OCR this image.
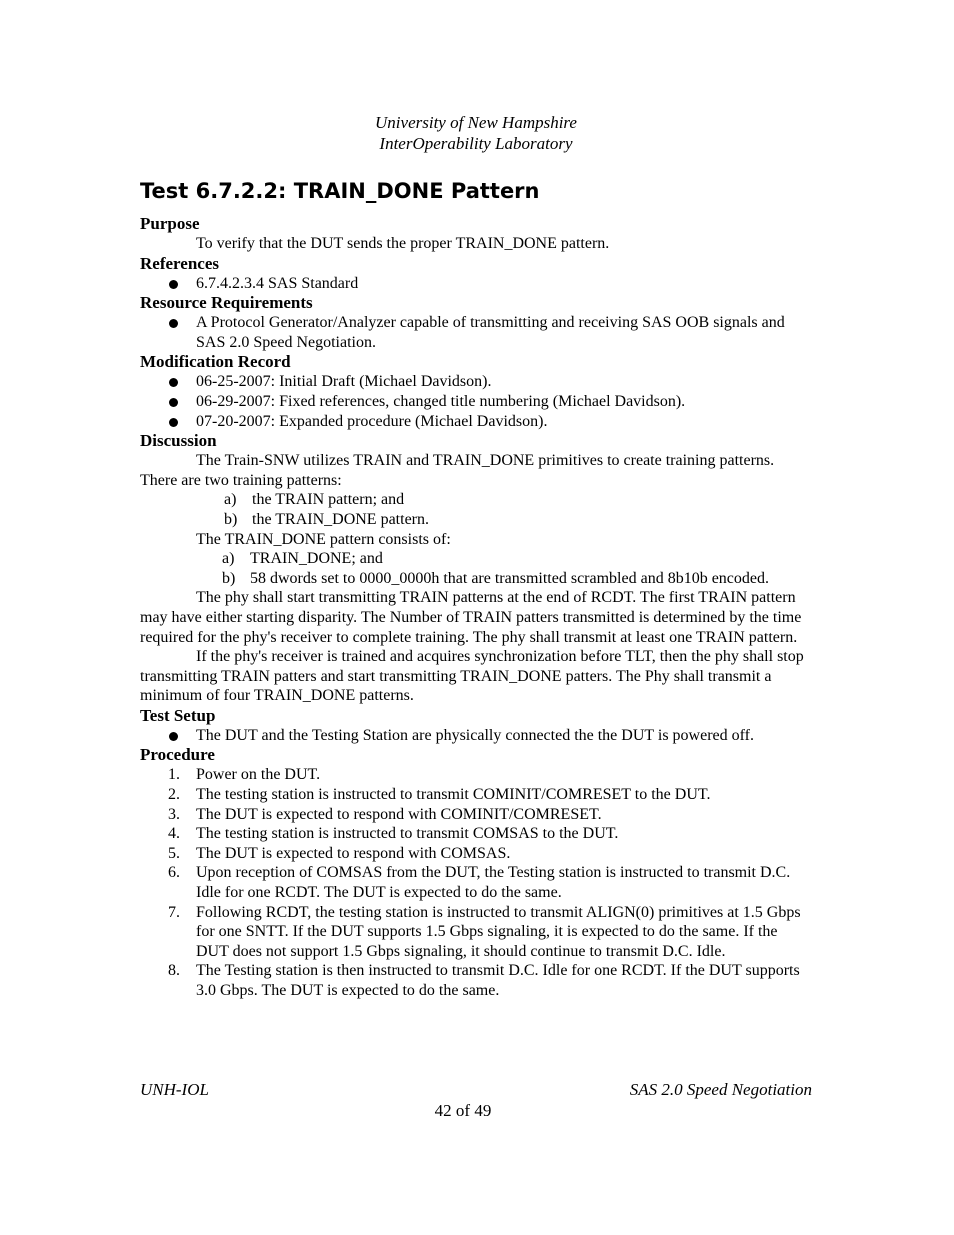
University of New Hampshire
InterOperability Laboratory
Test 6.7.2.2: TRAIN_DONE Pattern
Purpose
To verify that the DUT sends the proper TRAIN_DONE pattern.
References
6.7.4.2.3.4 SAS Standard
Resource Requirements
A Protocol Generator/Analyzer capable of transmitting and receiving SAS OOB signals and SAS 2.0 Speed Negotiation.
Modification Record
06-25-2007: Initial Draft (Michael Davidson).
06-29-2007: Fixed references, changed title numbering (Michael Davidson).
07-20-2007: Expanded procedure (Michael Davidson).
Discussion
The Train-SNW utilizes TRAIN and TRAIN_DONE primitives to create training patterns. There are two training patterns:
a) the TRAIN pattern; and
b) the TRAIN_DONE pattern.
The TRAIN_DONE pattern consists of:
a) TRAIN_DONE; and
b) 58 dwords set to 0000_0000h that are transmitted scrambled and 8b10b encoded.
The phy shall start transmitting TRAIN patterns at the end of RCDT. The first TRAIN pattern may have either starting disparity. The Number of TRAIN patters transmitted is determined by the time required for the phy's receiver to complete training. The phy shall transmit at least one TRAIN pattern.
If the phy's receiver is trained and acquires synchronization before TLT, then the phy shall stop transmitting TRAIN patters and start transmitting TRAIN_DONE patters. The Phy shall transmit a minimum of four TRAIN_DONE patterns.
Test Setup
The DUT and the Testing Station are physically connected the the DUT is powered off.
Procedure
1. Power on the DUT.
2. The testing station is instructed to transmit COMINIT/COMRESET to the DUT.
3. The DUT is expected to respond with COMINIT/COMRESET.
4. The testing station is instructed to transmit COMSAS to the DUT.
5. The DUT is expected to respond with COMSAS.
6. Upon reception of COMSAS from the DUT, the Testing station is instructed to transmit D.C. Idle for one RCDT. The DUT is expected to do the same.
7. Following RCDT, the testing station is instructed to transmit ALIGN(0) primitives at 1.5 Gbps for one SNTT. If the DUT supports 1.5 Gbps signaling, it is expected to do the same. If the DUT does not support 1.5 Gbps signaling, it should continue to transmit D.C. Idle.
8. The Testing station is then instructed to transmit D.C. Idle for one RCDT. If the DUT supports 3.0 Gbps. The DUT is expected to do the same.
UNH-IOL	SAS 2.0 Speed Negotiation
42 of 49
